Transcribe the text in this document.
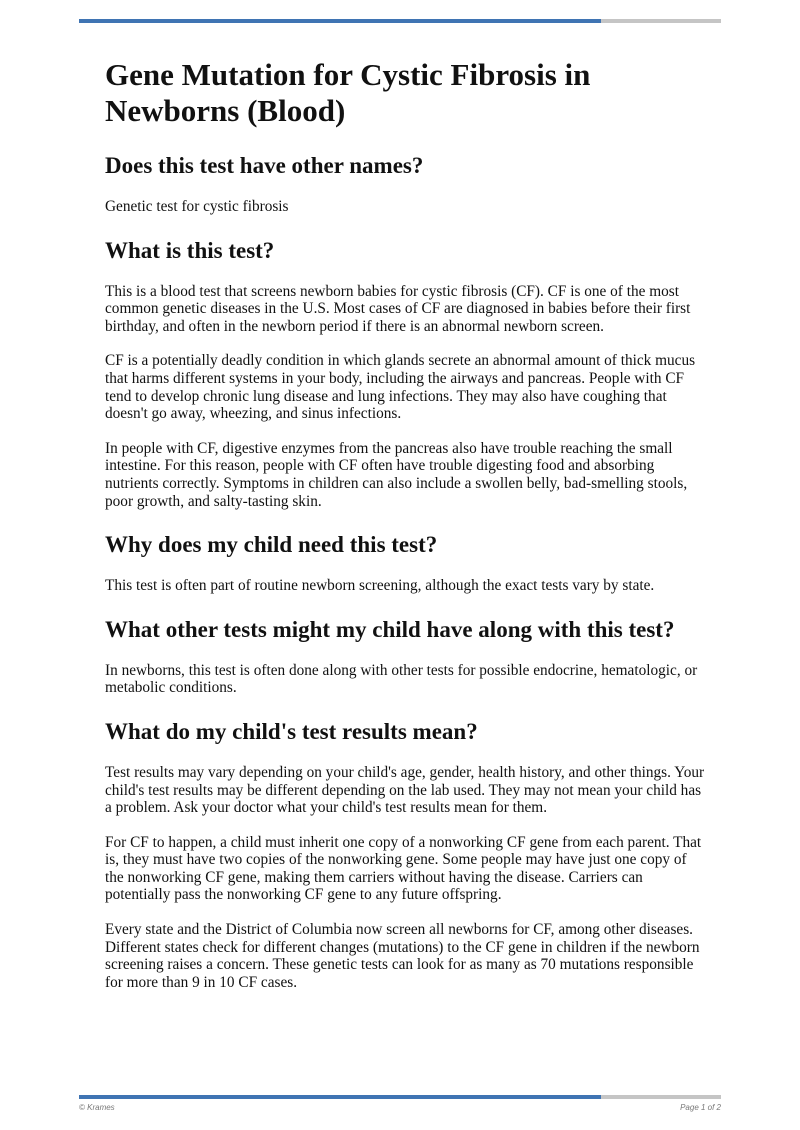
Gene Mutation for Cystic Fibrosis in Newborns (Blood)
Does this test have other names?

Genetic test for cystic fibrosis

What is this test?

This is a blood test that screens newborn babies for cystic fibrosis (CF). CF is one of the most common genetic diseases in the U.S. Most cases of CF are diagnosed in babies before their first birthday, and often in the newborn period if there is an abnormal newborn screen.

CF is a potentially deadly condition in which glands secrete an abnormal amount of thick mucus that harms different systems in your body, including the airways and pancreas. People with CF tend to develop chronic lung disease and lung infections. They may also have coughing that doesn't go away, wheezing, and sinus infections.

In people with CF, digestive enzymes from the pancreas also have trouble reaching the small intestine. For this reason, people with CF often have trouble digesting food and absorbing nutrients correctly. Symptoms in children can also include a swollen belly, bad-smelling stools, poor growth, and salty-tasting skin.

Why does my child need this test?

This test is often part of routine newborn screening, although the exact tests vary by state.

What other tests might my child have along with this test?

In newborns, this test is often done along with other tests for possible endocrine, hematologic, or metabolic conditions.

What do my child's test results mean?

Test results may vary depending on your child's age, gender, health history, and other things. Your child's test results may be different depending on the lab used. They may not mean your child has a problem. Ask your doctor what your child's test results mean for them.

For CF to happen, a child must inherit one copy of a nonworking CF gene from each parent. That is, they must have two copies of the nonworking gene. Some people may have just one copy of the nonworking CF gene, making them carriers without having the disease. Carriers can potentially pass the nonworking CF gene to any future offspring.

Every state and the District of Columbia now screen all newborns for CF, among other diseases. Different states check for different changes (mutations) to the CF gene in children if the newborn screening raises a concern. These genetic tests can look for as many as 70 mutations responsible for more than 9 in 10 CF cases.

© Krames	Page 1 of 2
